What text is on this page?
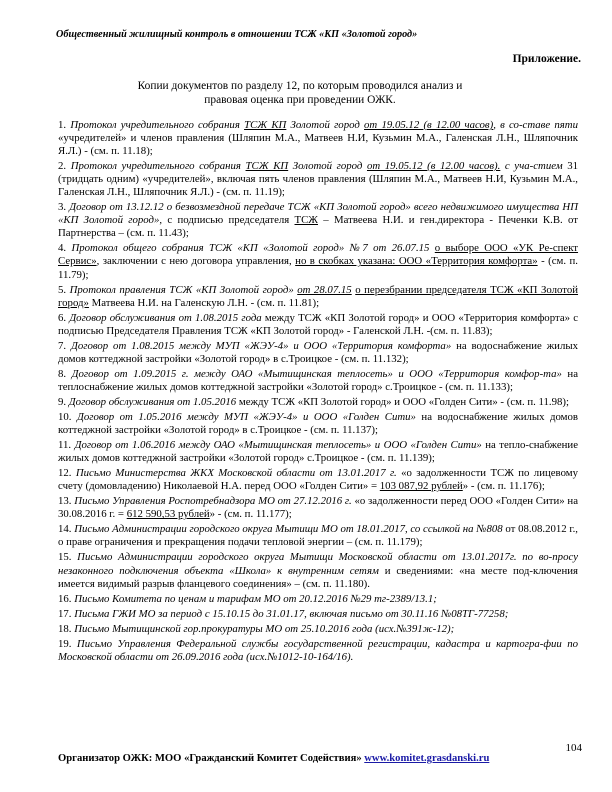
Общественный жилищный контроль в отношении ТСЖ «КП «Золотой город»
Приложение.
Копии документов по разделу 12, по которым проводился анализ и
правовая оценка при проведении ОЖК.
1. Протокол учредительного собрания ТСЖ КП Золотой город от 19.05.12 (в 12.00 часов), в со-ставе пяти «учредителей» и членов правления (Шляпин М.А., Матвеев Н.И, Кузьмин М.А., Галенская Л.Н., Шляпочник Я.Л.) - (см. п. 11.18);
2. Протокол учредительного собрания ТСЖ КП Золотой город от 19.05.12 (в 12.00 часов). с уча-стием 31 (тридцать одним) «учредителей», включая пять членов правления (Шляпин М.А., Матвеев Н.И, Кузьмин М.А., Галенская Л.Н., Шляпочник Я.Л.) - (см. п. 11.19);
3. Договор от 13.12.12 о безвозмездной передаче ТСЖ «КП Золотой город» всего недвижимого имущества НП «КП Золотой город», с подписью председателя ТСЖ – Матвеева Н.И. и ген.директора - Печенки К.В. от Партнерства – (см. п. 11.43);
4. Протокол общего собрания ТСЖ «КП «Золотой город» №7 от 26.07.15 о выборе ООО «УК Ре-спект Сервис», заключении с нею договора управления, но в скобках указана: ООО «Территория комфорта» - (см. п. 11.79);
5. Протокол правления ТСЖ «КП Золотой город» от 28.07.15 о перезбрании председателя ТСЖ «КП Золотой город» Матвеева Н.И. на Галенскую Л.Н. - (см. п. 11.81);
6. Договор обслуживания от 1.08.2015 года между ТСЖ «КП Золотой город» и ООО «Территория комфорта» с подписью Председателя Правления ТСЖ «КП Золотой город» - Галенской Л.Н. -(см. п. 11.83);
7. Договор от 1.08.2015 между МУП «ЖЭУ-4» и ООО «Территория комфорта» на водоснабжение жилых домов коттеджной застройки «Золотой город» в с.Троицкое - (см. п. 11.132);
8. Договор от 1.09.2015 г. между ОАО «Мытищинская теплосеть» и ООО «Территория комфор-та» на теплоснабжение жилых домов коттеджной застройки «Золотой город» с.Троицкое - (см. п. 11.133);
9. Договор обслуживания от 1.05.2016 между ТСЖ «КП Золотой город» и ООО «Голден Сити» - (см. п. 11.98);
10. Договор от 1.05.2016 между МУП «ЖЭУ-4» и ООО «Голден Сити» на водоснабжение жилых домов коттеджной застройки «Золотой город» в с.Троицкое - (см. п. 11.137);
11. Договор от 1.06.2016 между ОАО «Мытищинская теплосеть» и ООО «Голден Сити» на тепло-снабжение жилых домов коттеджной застройки «Золотой город» с.Троицкое - (см. п. 11.139);
12. Письмо Министерства ЖКХ Московской области от 13.01.2017 г. «о задолженности ТСЖ по лицевому счету (домовладению) Николаевой Н.А. перед ООО «Голден Сити» = 103 087,92 рублей» - (см. п. 11.176);
13. Письмо Управления Роспотребнадзора МО от 27.12.2016 г. «о задолженности перед ООО «Голден Сити» на 30.08.2016 г. = 612 590,53 рублей» - (см. п. 11.177);
14. Письмо Администрации городского округа Мытищи МО от 18.01.2017, со ссылкой на №808 от 08.08.2012 г., о праве ограничения и прекращения подачи тепловой энергии – (см. п. 11.179);
15. Письмо Администрации городского округа Мытищи Московской области от 13.01.2017г. по во-просу незаконного подключения объекта «Школа» к внутренним сетям и сведениями: «на месте под-ключения имеется видимый разрыв фланцевого соединения» – (см. п. 11.180).
16. Письмо Комитета по ценам и тарифам МО от 20.12.2016 №29 тг-2389/13.1;
17. Письма ГЖИ МО за период с 15.10.15 до 31.01.17, включая письмо от 30.11.16 №08ТГ-77258;
18. Письмо Мытищинской гор.прокуратуры МО от 25.10.2016 года (исх.№391ж-12);
19. Письмо Управления Федеральной службы государственной регистрации, кадастра и картогра-фии по Московской области от 26.09.2016 года (исх.№1012-10-164/16).
Организатор ОЖК: МОО «Гражданский Комитет Содействия» www.komitet.grasdanski.ru
104
